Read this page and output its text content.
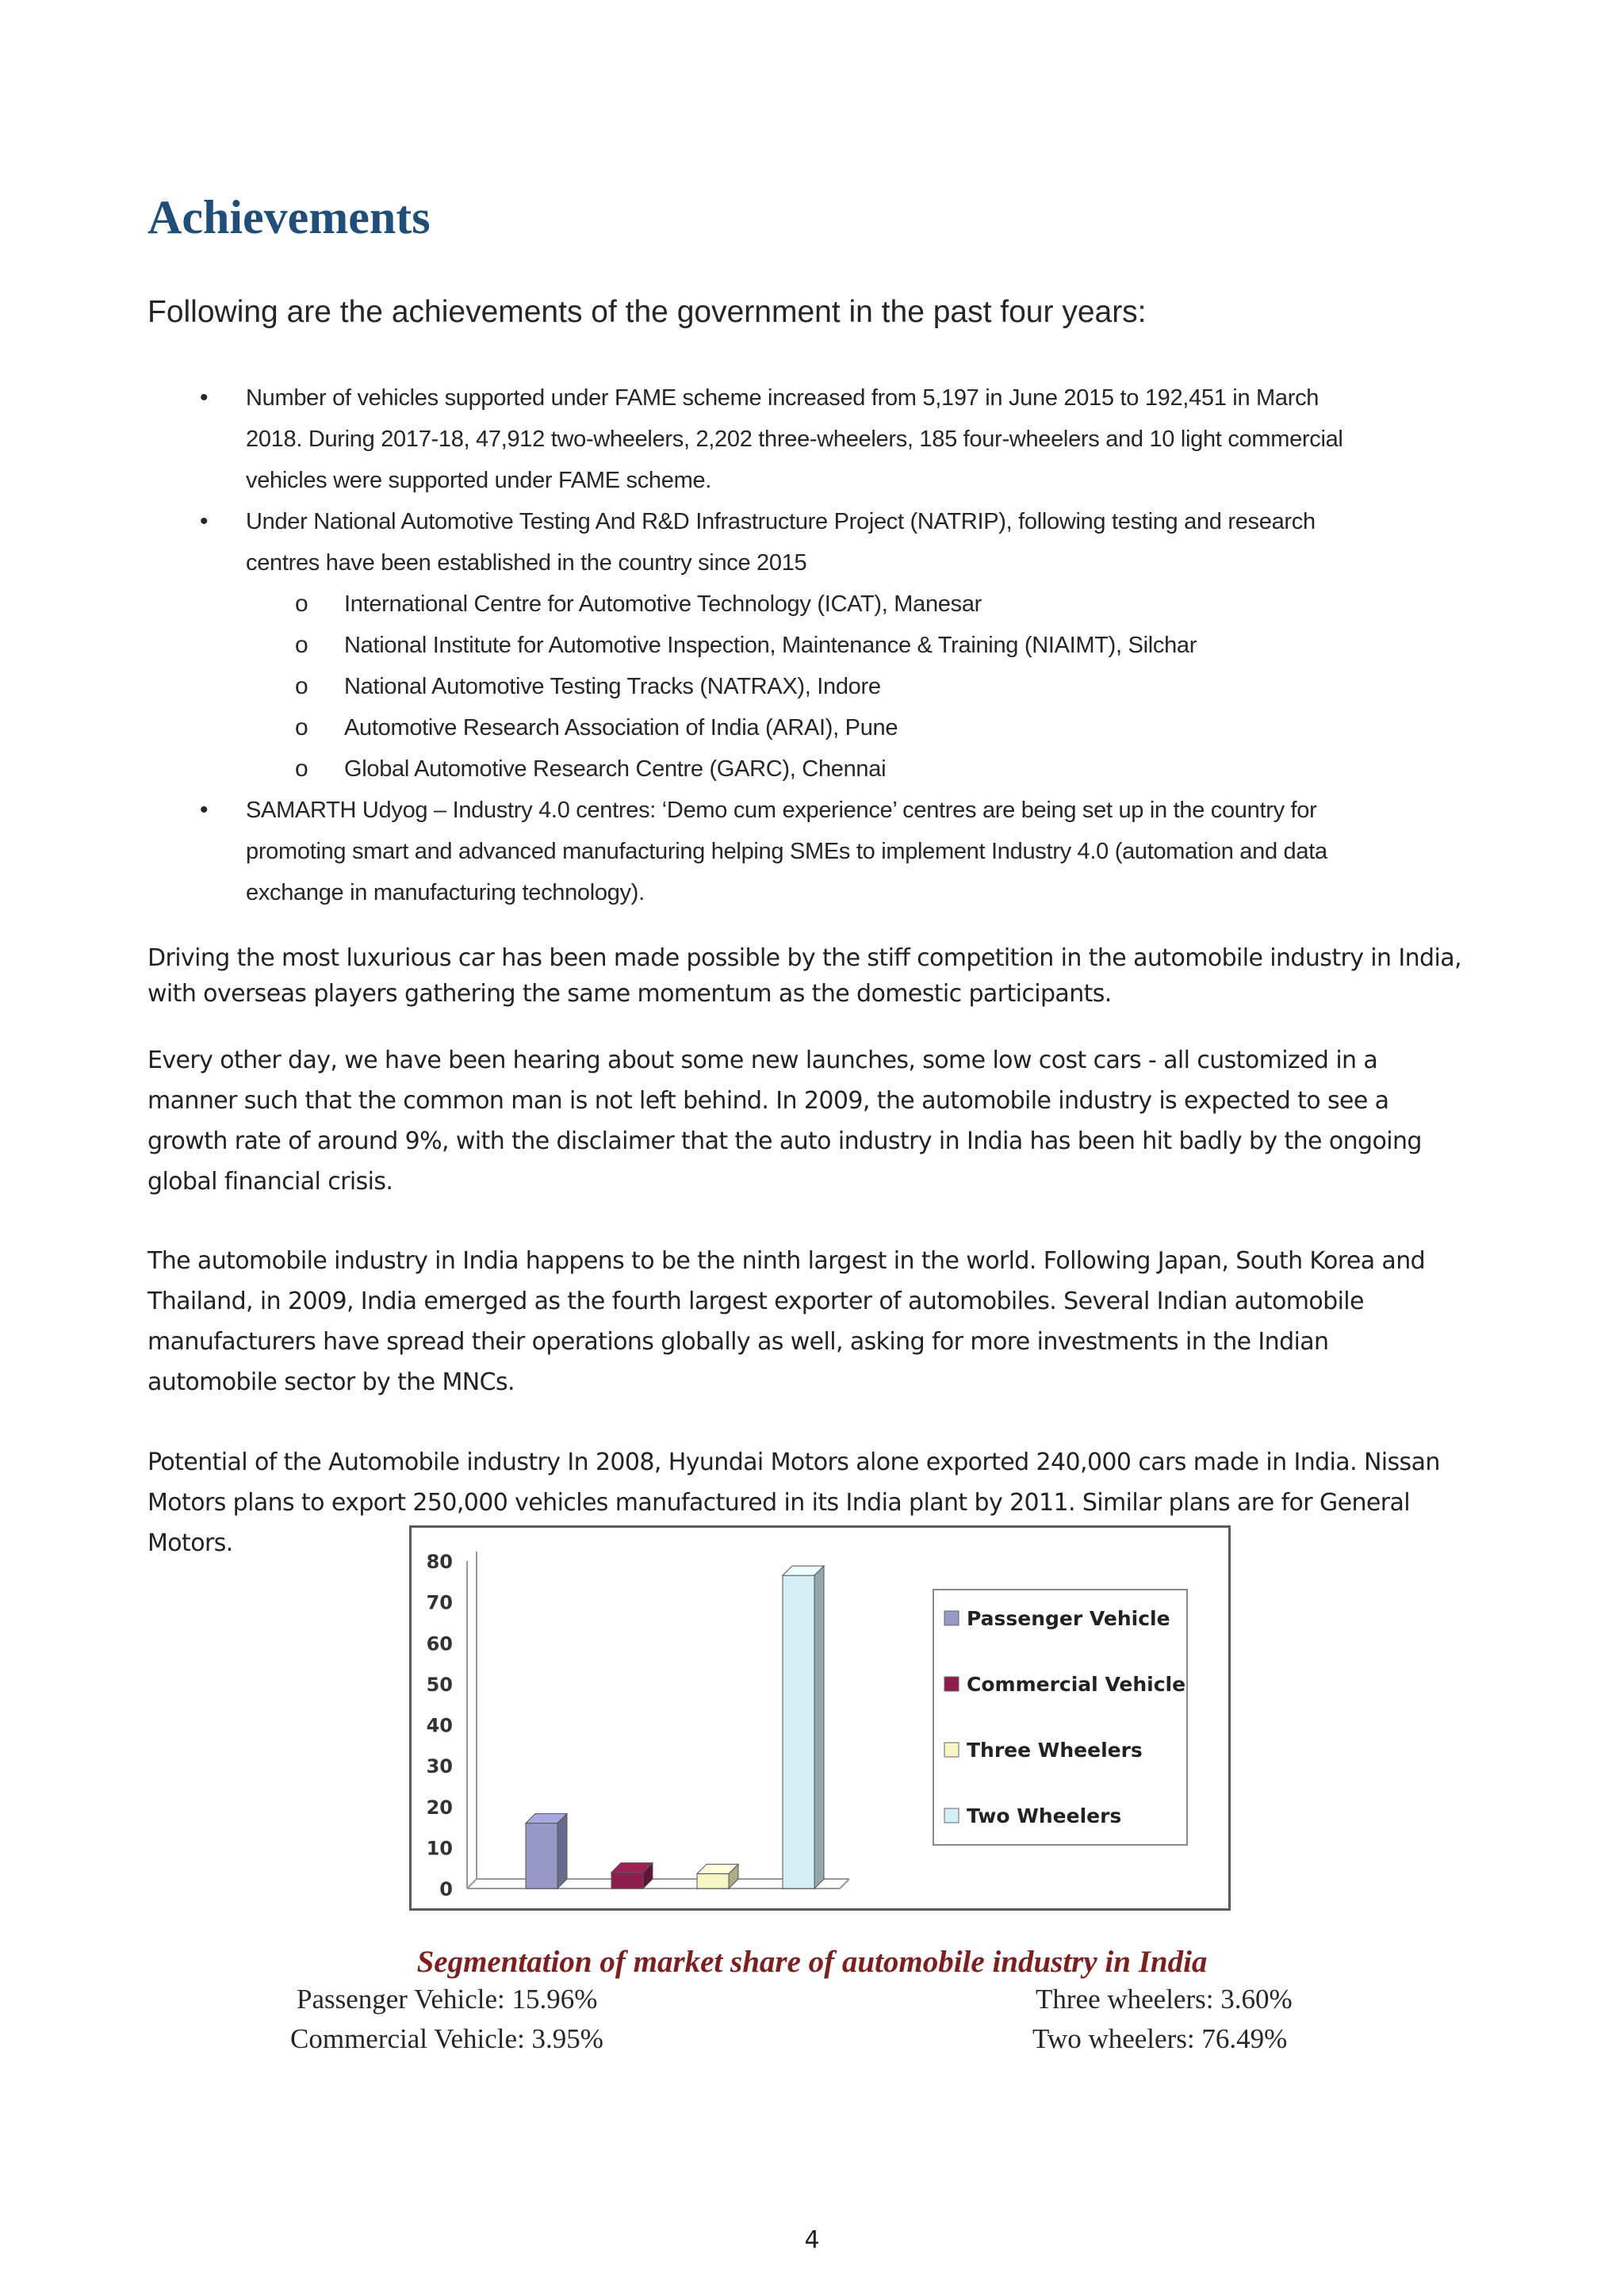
Achievements

Following are the achievements of the government in the past four years:

• Number of vehicles supported under FAME scheme increased from 5,197 in June 2015 to 192,451 in March
2018. During 2017-18, 47,912 two-wheelers, 2,202 three-wheelers, 185 four-wheelers and 10 light commercial
vehicles were supported under FAME scheme.
• Under National Automotive Testing And R&D Infrastructure Project (NATRIP), following testing and research
centres have been established in the country since 2015
o International Centre for Automotive Technology (ICAT), Manesar
o National Institute for Automotive Inspection, Maintenance & Training (NIAIMT), Silchar
o National Automotive Testing Tracks (NATRAX), Indore
o Automotive Research Association of India (ARAI), Pune
o Global Automotive Research Centre (GARC), Chennai
• SAMARTH Udyog – Industry 4.0 centres: ‘Demo cum experience’ centres are being set up in the country for
promoting smart and advanced manufacturing helping SMEs to implement Industry 4.0 (automation and data
exchange in manufacturing technology).
Driving the most luxurious car has been made possible by the stiff competition in the automobile industry in India,
with overseas players gathering the same momentum as the domestic participants.
Every other day, we have been hearing about some new launches, some low cost cars - all customized in a
manner such that the common man is not left behind. In 2009, the automobile industry is expected to see a
growth rate of around 9%, with the disclaimer that the auto industry in India has been hit badly by the ongoing
global financial crisis.
The automobile industry in India happens to be the ninth largest in the world. Following Japan, South Korea and
Thailand, in 2009, India emerged as the fourth largest exporter of automobiles. Several Indian automobile
manufacturers have spread their operations globally as well, asking for more investments in the Indian
automobile sector by the MNCs.
Potential of the Automobile industry In 2008, Hyundai Motors alone exported 240,000 cars made in India. Nissan
Motors plans to export 250,000 vehicles manufactured in its India plant by 2011. Similar plans are for General
Motors.
0
10
20
30
40
50
60
70
80
Passenger Vehicle
Commercial Vehicle
Three Wheelers
Two Wheelers

Segmentation of market share of automobile industry in India

Passenger Vehicle: 15.96%

Commercial Vehicle: 3.95%

Three wheelers: 3.60%

Two wheelers: 76.49%

4
